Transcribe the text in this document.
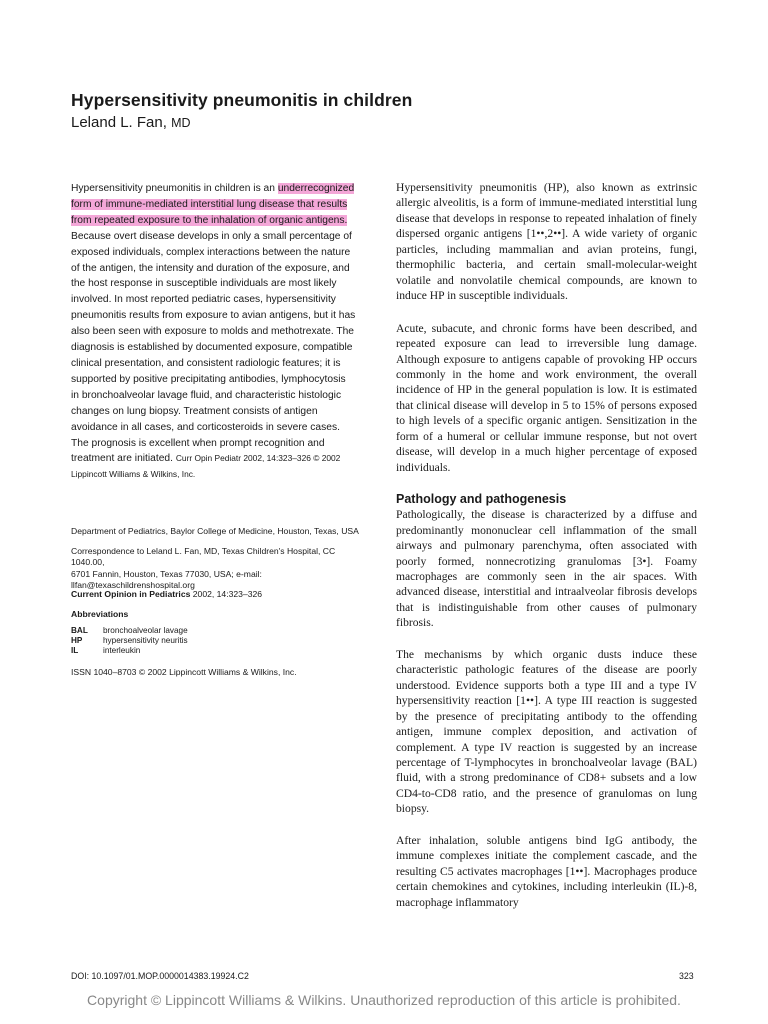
Hypersensitivity pneumonitis in children
Leland L. Fan, MD
Hypersensitivity pneumonitis in children is an underrecognized
form of immune-mediated interstitial lung disease that results
from repeated exposure to the inhalation of organic antigens.
Because overt disease develops in only a small percentage of
exposed individuals, complex interactions between the nature
of the antigen, the intensity and duration of the exposure, and
the host response in susceptible individuals are most likely
involved. In most reported pediatric cases, hypersensitivity
pneumonitis results from exposure to avian antigens, but it has
also been seen with exposure to molds and methotrexate. The
diagnosis is established by documented exposure, compatible
clinical presentation, and consistent radiologic features; it is
supported by positive precipitating antibodies, lymphocytosis
in bronchoalveolar lavage fluid, and characteristic histologic
changes on lung biopsy. Treatment consists of antigen
avoidance in all cases, and corticosteroids in severe cases.
The prognosis is excellent when prompt recognition and
treatment are initiated. Curr Opin Pediatr 2002, 14:323–326 © 2002
Lippincott Williams & Wilkins, Inc.
Department of Pediatrics, Baylor College of Medicine, Houston, Texas, USA
Correspondence to Leland L. Fan, MD, Texas Children's Hospital, CC 1040.00,
6701 Fannin, Houston, Texas 77030, USA; e-mail:
llfan@texaschildrenshospital.org
Current Opinion in Pediatrics 2002, 14:323–326
Abbreviations
BAL	bronchoalveolar lavage
HP	hypersensitivity neuritis
IL	interleukin
ISSN 1040–8703 © 2002 Lippincott Williams & Wilkins, Inc.

Hypersensitivity pneumonitis (HP), also known as extrinsic allergic alveolitis, is a form of immune-mediated interstitial lung disease that develops in response to repeated inhalation of finely dispersed organic antigens [1••,2••]. A wide variety of organic particles, including mammalian and avian proteins, fungi, thermophilic bacteria, and certain small-molecular-weight volatile and nonvolatile chemical compounds, are known to induce HP in susceptible individuals.

Acute, subacute, and chronic forms have been described, and repeated exposure can lead to irreversible lung damage. Although exposure to antigens capable of provoking HP occurs commonly in the home and work environment, the overall incidence of HP in the general population is low. It is estimated that clinical disease will develop in 5 to 15% of persons exposed to high levels of a specific organic antigen. Sensitization in the form of a humeral or cellular immune response, but not overt disease, will develop in a much higher percentage of exposed individuals.

Pathology and pathogenesis

Pathologically, the disease is characterized by a diffuse and predominantly mononuclear cell inflammation of the small airways and pulmonary parenchyma, often associated with poorly formed, nonnecrotizing granulomas [3•]. Foamy macrophages are commonly seen in the air spaces. With advanced disease, interstitial and intraalveolar fibrosis develops that is indistinguishable from other causes of pulmonary fibrosis.

The mechanisms by which organic dusts induce these characteristic pathologic features of the disease are poorly understood. Evidence supports both a type III and a type IV hypersensitivity reaction [1••]. A type III reaction is suggested by the presence of precipitating antibody to the offending antigen, immune complex deposition, and activation of complement. A type IV reaction is suggested by an increase percentage of T-lymphocytes in bronchoalveolar lavage (BAL) fluid, with a strong predominance of CD8+ subsets and a low CD4-to-CD8 ratio, and the presence of granulomas on lung biopsy.

After inhalation, soluble antigens bind IgG antibody, the immune complexes initiate the complement cascade, and the resulting C5 activates macrophages [1••]. Macrophages produce certain chemokines and cytokines, including interleukin (IL)-8, macrophage inflammatory

DOI: 10.1097/01.MOP.0000014383.19924.C2	323
Copyright © Lippincott Williams & Wilkins. Unauthorized reproduction of this article is prohibited.
